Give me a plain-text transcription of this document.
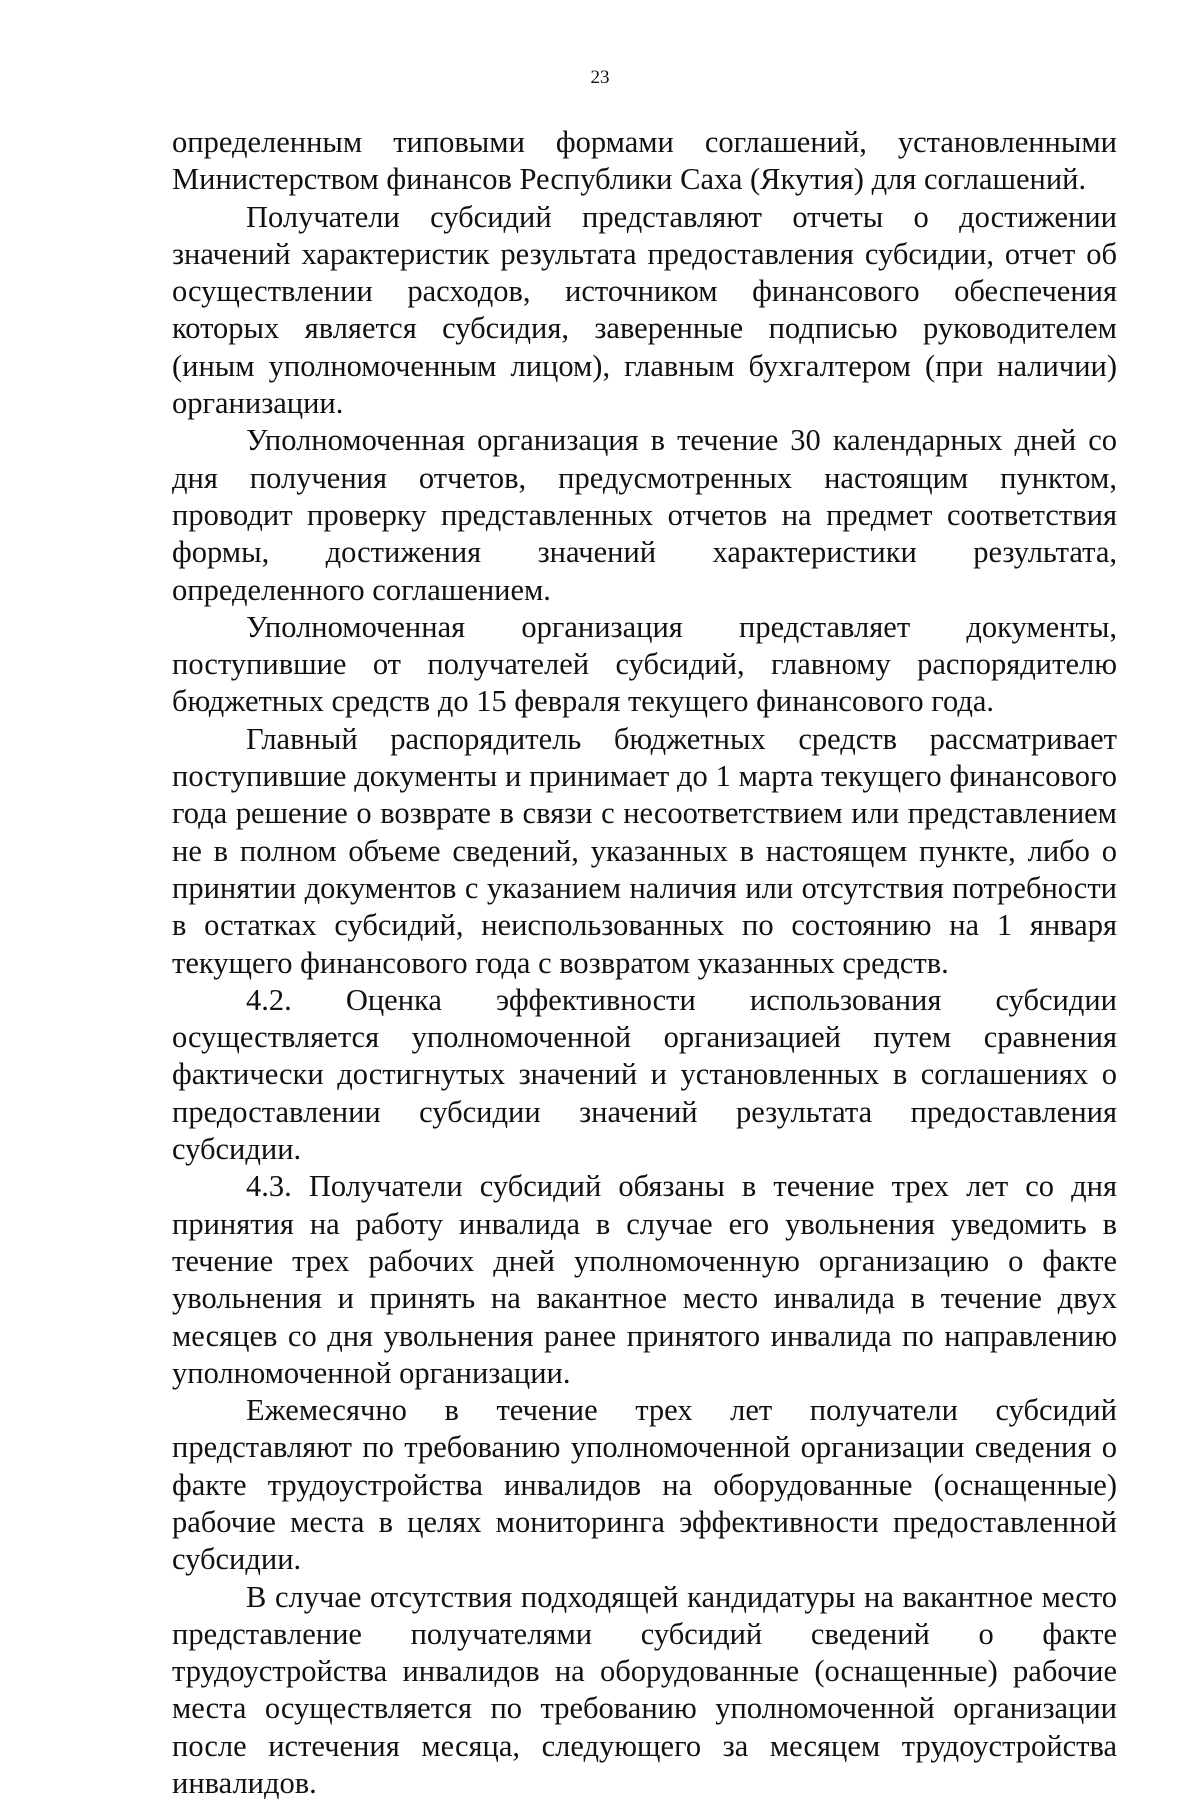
23

определенным типовыми формами соглашений, установленными Министерством финансов Республики Саха (Якутия) для соглашений.

Получатели субсидий представляют отчеты о достижении значений характеристик результата предоставления субсидии, отчет об осуществлении расходов, источником финансового обеспечения которых является субсидия, заверенные подписью руководителем (иным уполномоченным лицом), главным бухгалтером (при наличии) организации.

Уполномоченная организация в течение 30 календарных дней со дня получения отчетов, предусмотренных настоящим пунктом, проводит проверку представленных отчетов на предмет соответствия формы, достижения значений характеристики результата, определенного соглашением.

Уполномоченная организация представляет документы, поступившие от получателей субсидий, главному распорядителю бюджетных средств до 15 февраля текущего финансового года.

Главный распорядитель бюджетных средств рассматривает поступившие документы и принимает до 1 марта текущего финансового года решение о возврате в связи с несоответствием или представлением не в полном объеме сведений, указанных в настоящем пункте, либо о принятии документов с указанием наличия или отсутствия потребности в остатках субсидий, неиспользованных по состоянию на 1 января текущего финансового года с возвратом указанных средств.

4.2. Оценка эффективности использования субсидии осуществляется уполномоченной организацией путем сравнения фактически достигнутых значений и установленных в соглашениях о предоставлении субсидии значений результата предоставления субсидии.

4.3. Получатели субсидий обязаны в течение трех лет со дня принятия на работу инвалида в случае его увольнения уведомить в течение трех рабочих дней уполномоченную организацию о факте увольнения и принять на вакантное место инвалида в течение двух месяцев со дня увольнения ранее принятого инвалида по направлению уполномоченной организации.

Ежемесячно в течение трех лет получатели субсидий представляют по требованию уполномоченной организации сведения о факте трудоустройства инвалидов на оборудованные (оснащенные) рабочие места в целях мониторинга эффективности предоставленной субсидии.

В случае отсутствия подходящей кандидатуры на вакантное место представление получателями субсидий сведений о факте трудоустройства инвалидов на оборудованные (оснащенные) рабочие места осуществляется по требованию уполномоченной организации после истечения месяца, следующего за месяцем трудоустройства инвалидов.
